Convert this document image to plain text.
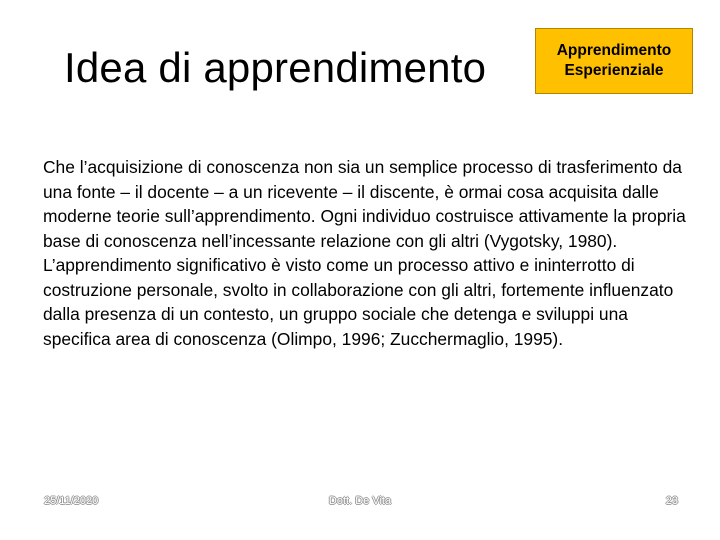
Idea di apprendimento	Apprendimento
Esperienziale

Che l’acquisizione di conoscenza non sia un semplice processo di trasferimento da una fonte – il docente – a un ricevente – il discente, è ormai cosa acquisita dalle moderne teorie sull’apprendimento. Ogni individuo costruisce attivamente la propria base di conoscenza nell’incessante relazione con gli altri (Vygotsky, 1980).

L’apprendimento significativo è visto come un processo attivo e ininterrotto di costruzione personale, svolto in collaborazione con gli altri, fortemente influenzato dalla presenza di un contesto, un gruppo sociale che detenga e sviluppi una specifica area di conoscenza (Olimpo, 1996; Zucchermaglio, 1995).

25/11/2020	Dott. De Vita	23
